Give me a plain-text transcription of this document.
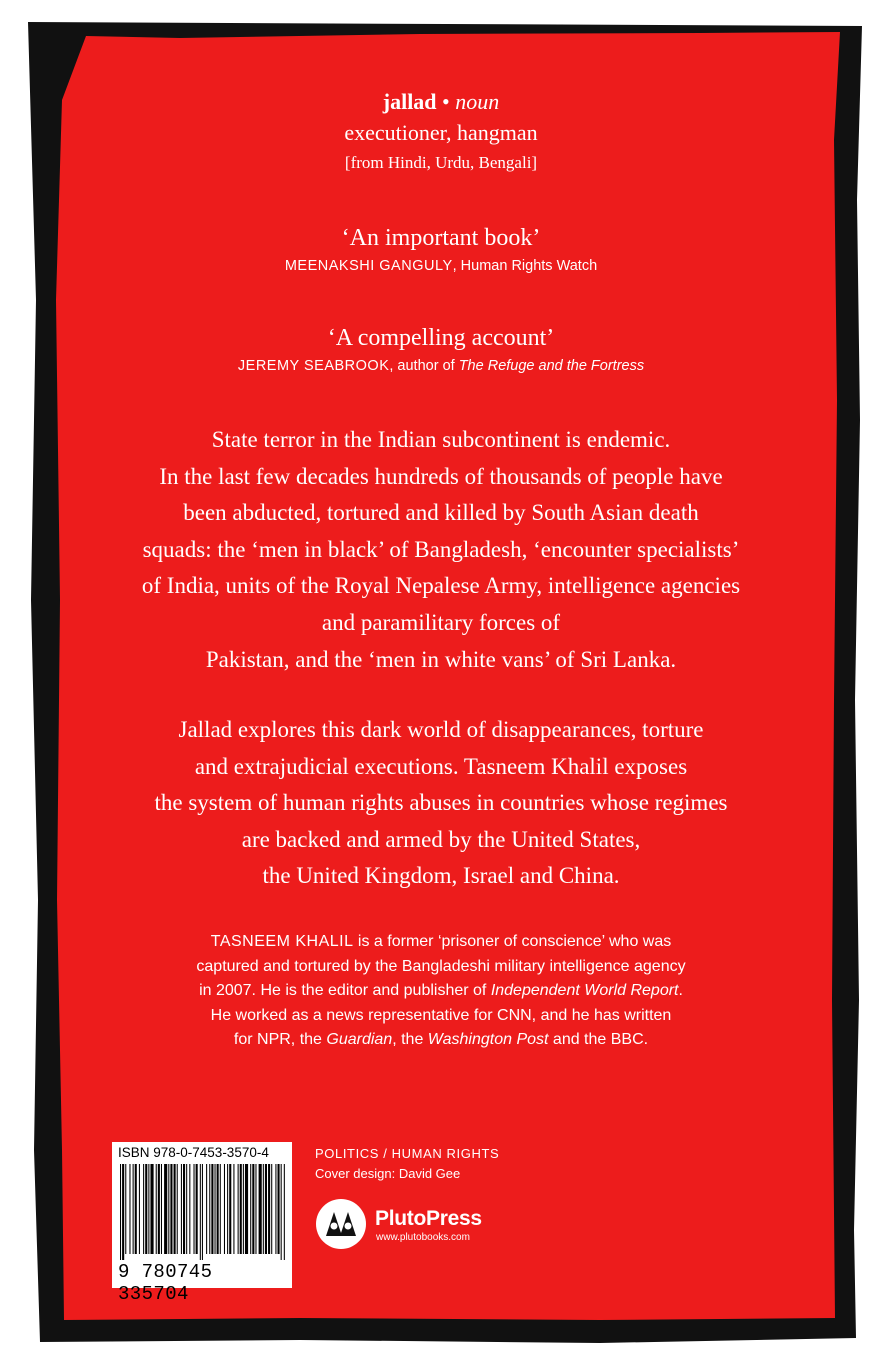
jallad • noun
executioner, hangman
[from Hindi, Urdu, Bengali]
‘An important book’
MEENAKSHI GANGULY, Human Rights Watch
‘A compelling account’
JEREMY SEABROOK, author of The Refuge and the Fortress
State terror in the Indian subcontinent is endemic.
In the last few decades hundreds of thousands of people have
been abducted, tortured and killed by South Asian death
squads: the ‘men in black’ of Bangladesh, ‘encounter specialists’
of India, units of the Royal Nepalese Army, intelligence agencies
and paramilitary forces of
Pakistan, and the ‘men in white vans’ of Sri Lanka.
Jallad explores this dark world of disappearances, torture
and extrajudicial executions. Tasneem Khalil exposes
the system of human rights abuses in countries whose regimes
are backed and armed by the United States,
the United Kingdom, Israel and China.
TASNEEM KHALIL is a former ‘prisoner of conscience’ who was
captured and tortured by the Bangladeshi military intelligence agency
in 2007. He is the editor and publisher of Independent World Report.
He worked as a news representative for CNN, and he has written
for NPR, the Guardian, the Washington Post and the BBC.
ISBN 978-0-7453-3570-4
9 780745 335704
POLITICS / HUMAN RIGHTS
Cover design: David Gee
PlutoPress
www.plutobooks.com
